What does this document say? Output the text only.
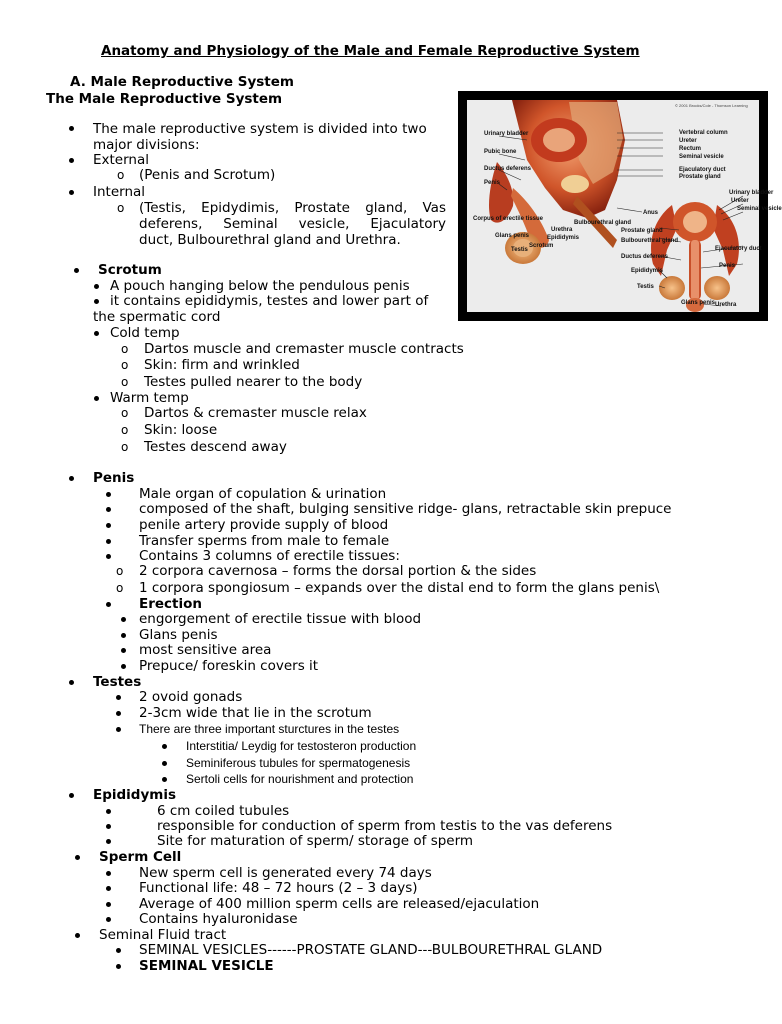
Anatomy and Physiology of the Male and Female Reproductive System
A. Male Reproductive System
The Male Reproductive System
The male reproductive system is divided into two
major divisions:
External
o (Penis and Scrotum)
Internal
o (Testis, Epidydimis, Prostate gland, Vas
deferens, Seminal vesicle, Ejaculatory
duct, Bulbourethral gland and Urethra.
© 2001 Brooks/Cole - Thomson Learning
Urinary bladder
Pubic bone
Ductus deferens
Penis
Corpus of erectile tissue
Glans penis
Testis
Scrotum
Epididymis
Urethra
Bulbourethral gland
Vertebral column
Ureter
Rectum
Seminal vesicle
Ejaculatory duct
Prostate gland
Anus
Urinary bladder
Ureter
Seminal vesicle
Prostate gland
Bulbourethral gland
Ejaculatory duct
Ductus deferens
Penis
Epididymis
Testis
Glans penis Urethra
Scrotum
A pouch hanging below the pendulous penis
it contains epididymis, testes and lower part of
the spermatic cord
Cold temp
o Dartos muscle and cremaster muscle contracts
o Skin: firm and wrinkled
o Testes pulled nearer to the body
Warm temp
o Dartos & cremaster muscle relax
o Skin: loose
o Testes descend away
Penis
Male organ of copulation & urination
composed of the shaft, bulging sensitive ridge- glans, retractable skin prepuce
penile artery provide supply of blood
Transfer sperms from male to female
Contains 3 columns of erectile tissues:
o 2 corpora cavernosa – forms the dorsal portion & the sides
o 1 corpora spongiosum – expands over the distal end to form the glans penis\
Erection
engorgement of erectile tissue with blood
Glans penis
most sensitive area
Prepuce/ foreskin covers it
Testes
2 ovoid gonads
2-3cm wide that lie in the scrotum
There are three important sturctures in the testes
Interstitia/ Leydig for testosteron production
Seminiferous tubules for spermatogenesis
Sertoli cells for nourishment and protection
Epididymis
6 cm coiled tubules
responsible for conduction of sperm from testis to the vas deferens
Site for maturation of sperm/ storage of sperm
Sperm Cell
New sperm cell is generated every 74 days
Functional life: 48 – 72 hours (2 – 3 days)
Average of 400 million sperm cells are released/ejaculation
Contains hyaluronidase
Seminal Fluid tract
SEMINAL VESICLES------PROSTATE GLAND---BULBOURETHRAL GLAND
SEMINAL VESICLE
